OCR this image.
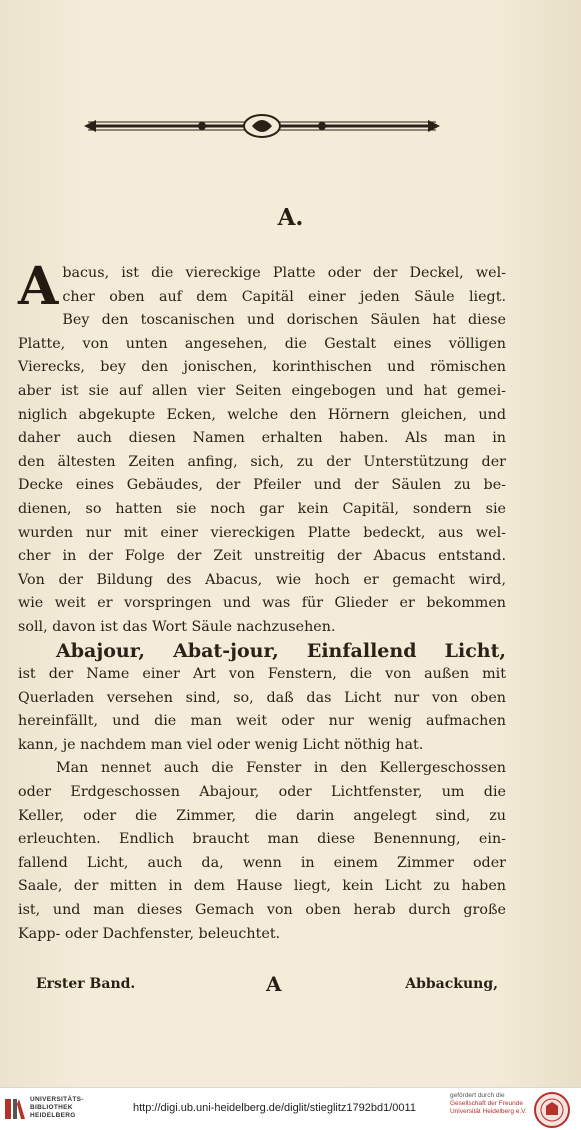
A.
A bacus, ist die viereckige Platte oder der Deckel, wel-
cher oben auf dem Capitäl einer jeden Säule liegt.
Bey den toscanischen und dorischen Säulen hat diese
Platte, von unten angesehen, die Gestalt eines völligen
Vierecks, bey den jonischen, korinthischen und römischen
aber ist sie auf allen vier Seiten eingebogen und hat gemei-
niglich abgekupte Ecken, welche den Hörnern gleichen, und
daher auch diesen Namen erhalten haben. Als man in
den ältesten Zeiten anfing, sich, zu der Unterstützung der
Decke eines Gebäudes, der Pfeiler und der Säulen zu be-
dienen, so hatten sie noch gar kein Capitäl, sondern sie
wurden nur mit einer viereckigen Platte bedeckt, aus wel-
cher in der Folge der Zeit unstreitig der Abacus entstand.
Von der Bildung des Abacus, wie hoch er gemacht wird,
wie weit er vorspringen und was für Glieder er bekommen
soll, davon ist das Wort Säule nachzusehen.
Abajour, Abat-jour, Einfallend Licht,
ist der Name einer Art von Fenstern, die von außen mit
Querladen versehen sind, so, daß das Licht nur von oben
hereinfällt, und die man weit oder nur wenig aufmachen
kann, je nachdem man viel oder wenig Licht nöthig hat.
Man nennet auch die Fenster in den Kellergeschossen
oder Erdgeschossen Abajour, oder Lichtfenster, um die
Keller, oder die Zimmer, die darin angelegt sind, zu
erleuchten. Endlich braucht man diese Benennung, ein-
fallend Licht, auch da, wenn in einem Zimmer oder
Saale, der mitten in dem Hause liegt, kein Licht zu haben
ist, und man dieses Gemach von oben herab durch große
Kapp- oder Dachfenster, beleuchtet.
Erster Band.	A	Abbackung,
UNIVERSITÄTS-
BIBLIOTHEK
HEIDELBERG
http://digi.ub.uni-heidelberg.de/diglit/stieglitz1792bd1/0011
gefördert durch die
Gesellschaft der Freunde
Universität Heidelberg e.V.
